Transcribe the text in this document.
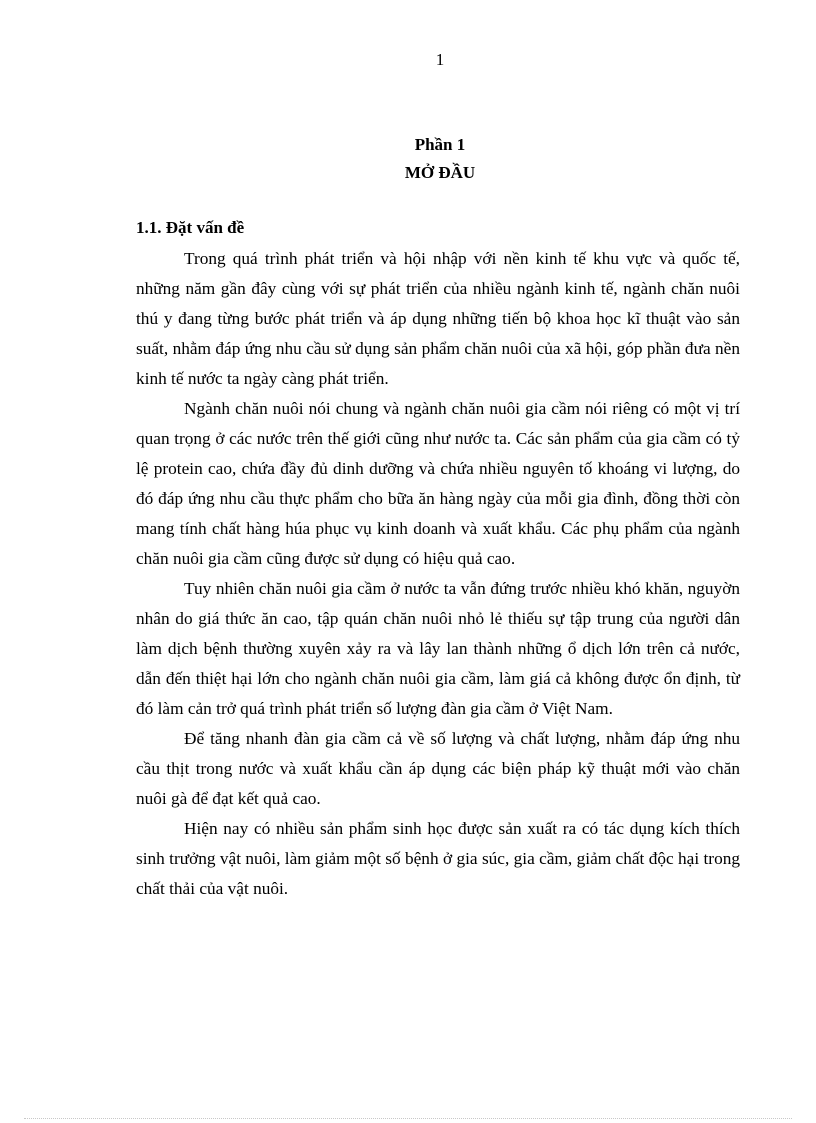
1
Phần 1
MỞ ĐẦU
1.1. Đặt vấn đề

Trong quá trình phát triển và hội nhập với nền kinh tế khu vực và quốc tế, những năm gần đây cùng với sự phát triển của nhiều ngành kinh tế, ngành chăn nuôi thú y đang từng bước phát triển và áp dụng những tiến bộ khoa học kĩ thuật vào sản suất, nhằm đáp ứng nhu cầu sử dụng sản phẩm chăn nuôi của xã hội, góp phần đưa nền kinh tế nước ta ngày càng phát triển.

Ngành chăn nuôi nói chung và ngành chăn nuôi gia cầm nói riêng có một vị trí quan trọng ở các nước trên thế giới cũng như nước ta. Các sản phẩm của gia cầm có tỷ lệ protein cao, chứa đầy đủ dinh dưỡng và chứa nhiều nguyên tố khoáng vi lượng, do đó đáp ứng nhu cầu thực phẩm cho bữa ăn hàng ngày của mỗi gia đình, đồng thời còn mang tính chất hàng húa phục vụ kinh doanh và xuất khẩu. Các phụ phẩm của ngành chăn nuôi gia cầm cũng được sử dụng có hiệu quả cao.

Tuy nhiên chăn nuôi gia cầm ở nước ta vẫn đứng trước nhiều khó khăn, nguyờn nhân do giá thức ăn cao, tập quán chăn nuôi nhỏ lẻ thiếu sự tập trung của người dân làm dịch bệnh thường xuyên xảy ra và lây lan thành những ổ dịch lớn trên cả nước, dẫn đến thiệt hại lớn cho ngành chăn nuôi gia cầm, làm giá cả không được ổn định, từ đó làm cản trở quá trình phát triển số lượng đàn gia cầm ở Việt Nam.

Để tăng nhanh đàn gia cầm cả về số lượng và chất lượng, nhằm đáp ứng nhu cầu thịt trong nước và xuất khẩu cần áp dụng các biện pháp kỹ thuật mới vào chăn nuôi gà để đạt kết quả cao.

Hiện nay có nhiều sản phẩm sinh học được sản xuất ra có tác dụng kích thích sinh trưởng vật nuôi, làm giảm một số bệnh ở gia súc, gia cầm, giảm chất độc hại trong chất thải của vật nuôi.
